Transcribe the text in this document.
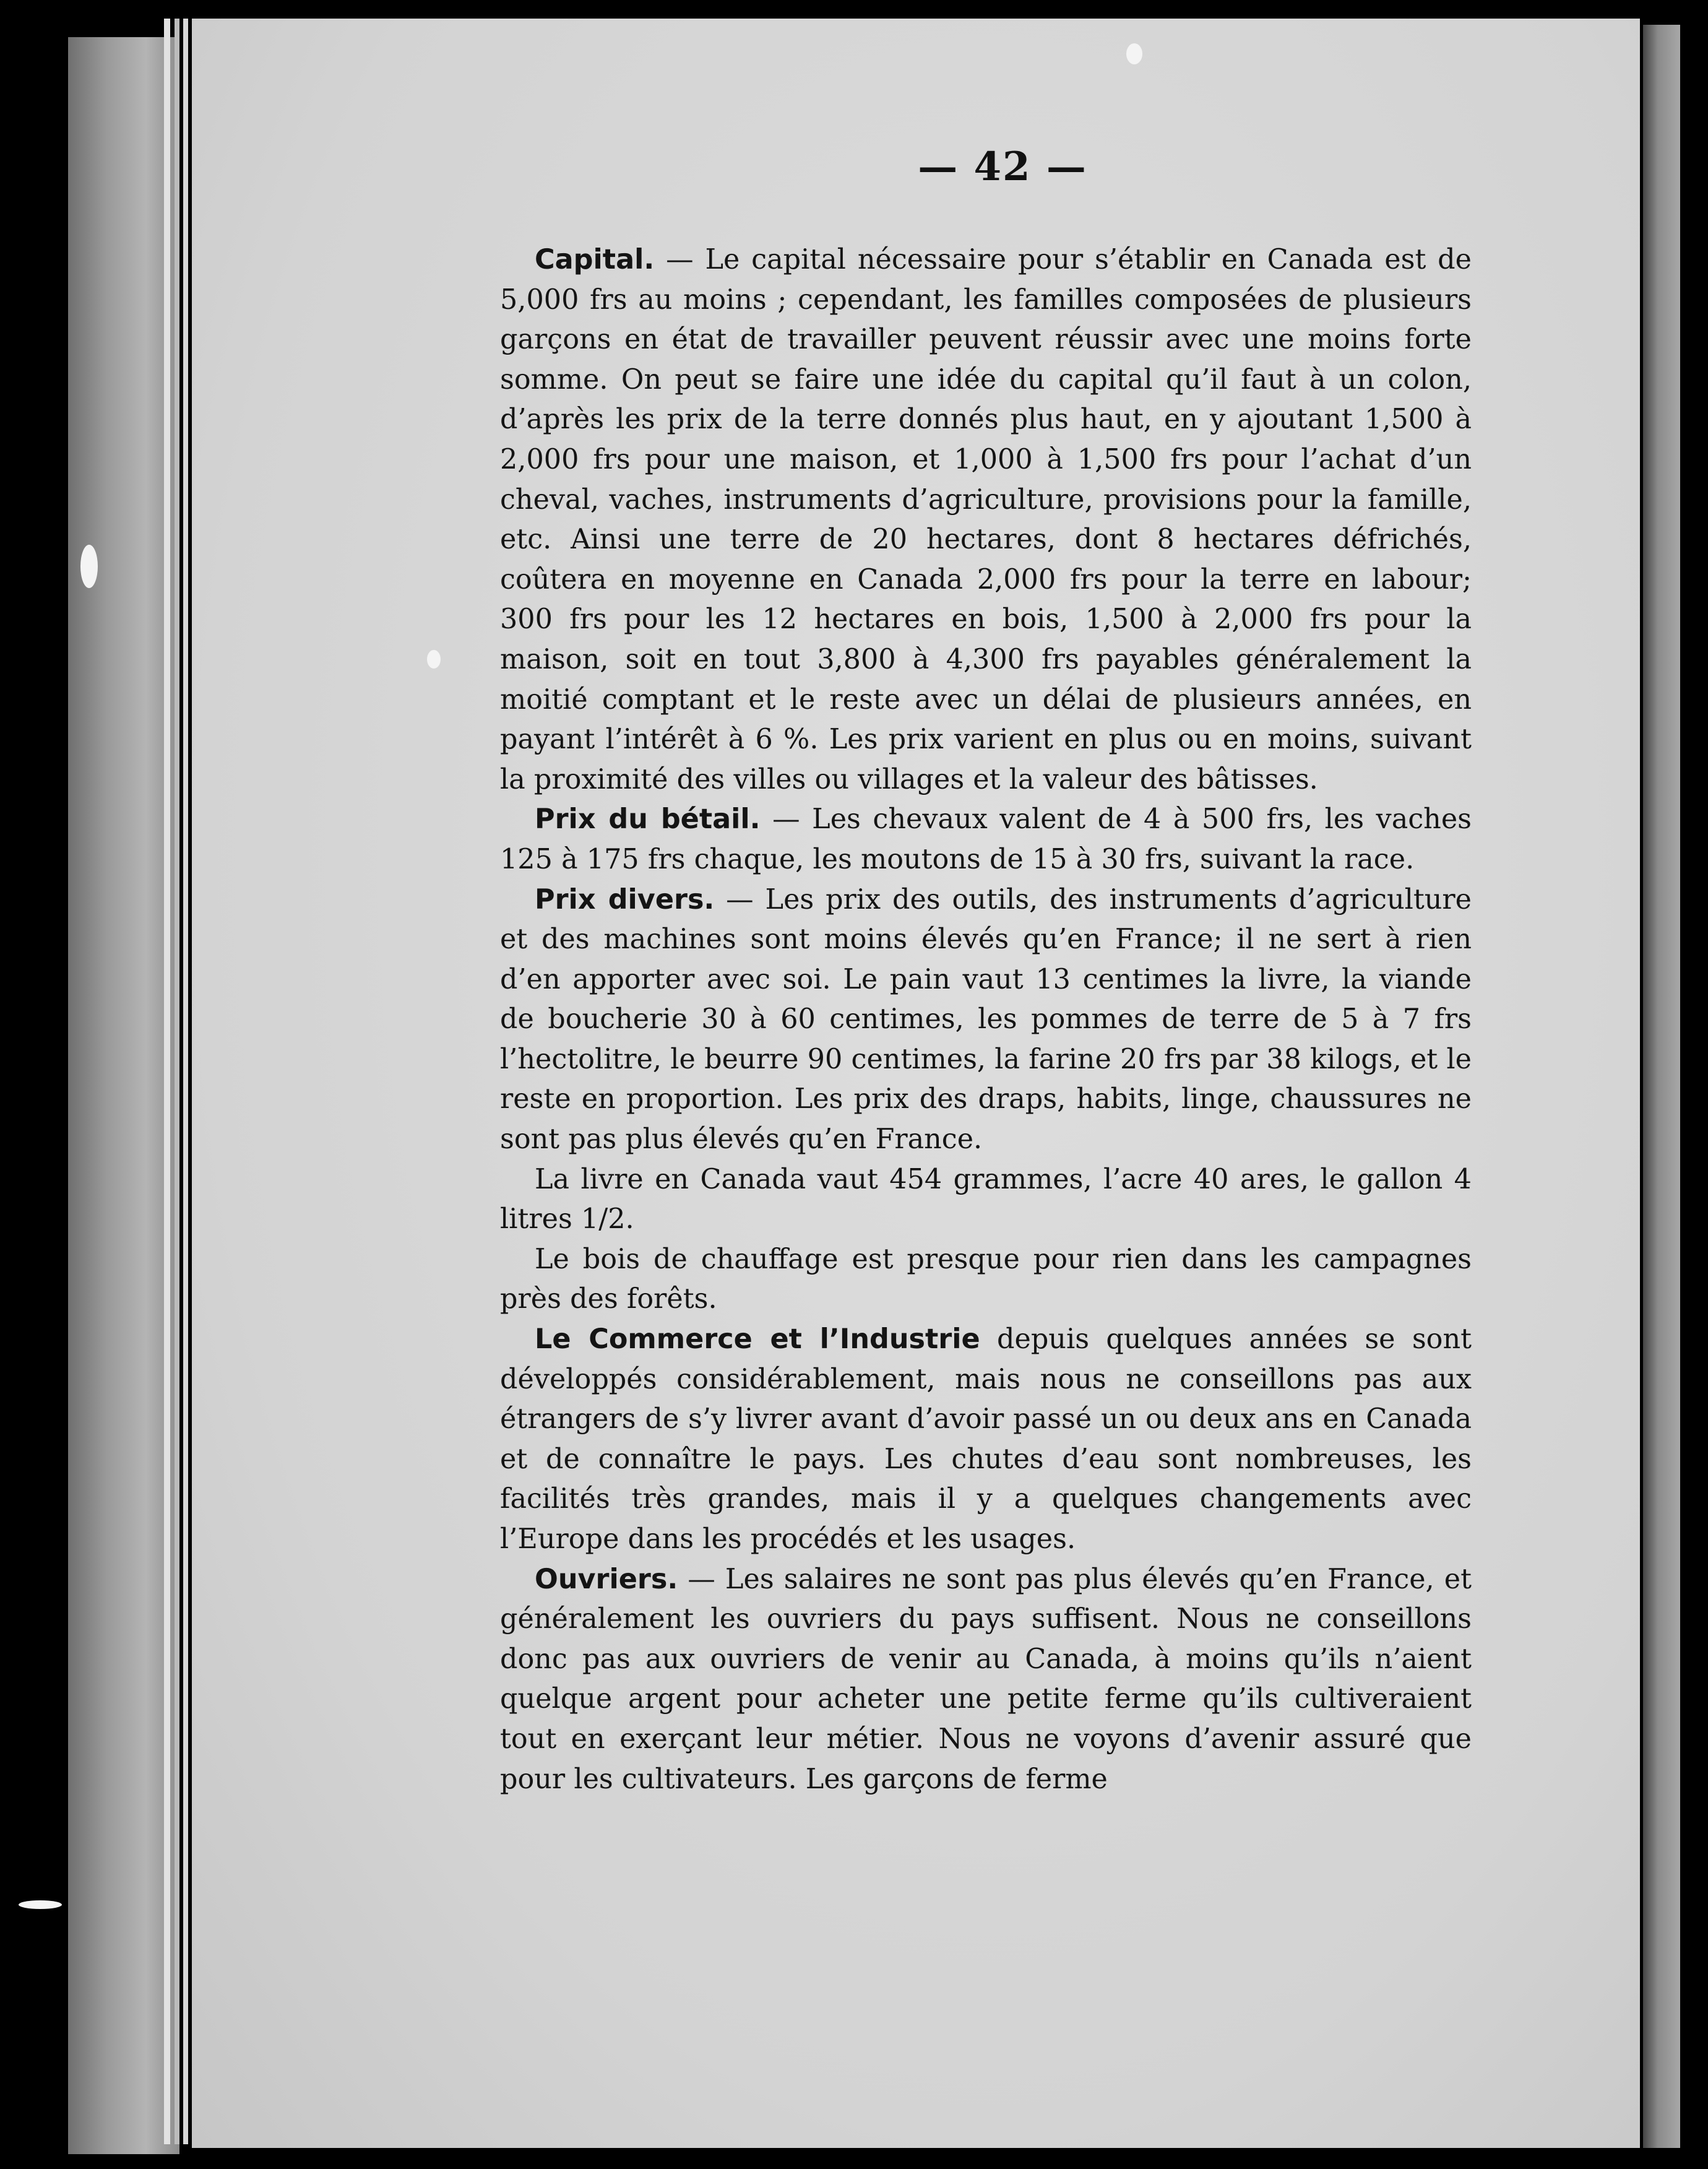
— 42 —

Capital. — Le capital nécessaire pour s’établir en Canada est de 5,000 frs au moins ; cependant, les familles composées de plusieurs garçons en état de travailler peuvent réussir avec une moins forte somme. On peut se faire une idée du capital qu’il faut à un colon, d’après les prix de la terre donnés plus haut, en y ajoutant 1,500 à 2,000 frs pour une maison, et 1,000 à 1,500 frs pour l’achat d’un cheval, vaches, instruments d’agriculture, provisions pour la famille, etc. Ainsi une terre de 20 hectares, dont 8 hectares défrichés, coûtera en moyenne en Canada 2,000 frs pour la terre en labour; 300 frs pour les 12 hectares en bois, 1,500 à 2,000 frs pour la maison, soit en tout 3,800 à 4,300 frs payables généralement la moitié comptant et le reste avec un délai de plusieurs années, en payant l’intérêt à 6 %. Les prix varient en plus ou en moins, suivant la proximité des villes ou villages et la valeur des bâtisses.

Prix du bétail. — Les chevaux valent de 4 à 500 frs, les vaches 125 à 175 frs chaque, les moutons de 15 à 30 frs, suivant la race.

Prix divers. — Les prix des outils, des instruments d’agriculture et des machines sont moins élevés qu’en France; il ne sert à rien d’en apporter avec soi. Le pain vaut 13 centimes la livre, la viande de boucherie 30 à 60 centimes, les pommes de terre de 5 à 7 frs l’hectolitre, le beurre 90 centimes, la farine 20 frs par 38 kilogs, et le reste en proportion. Les prix des draps, habits, linge, chaussures ne sont pas plus élevés qu’en France.

La livre en Canada vaut 454 grammes, l’acre 40 ares, le gallon 4 litres 1/2.

Le bois de chauffage est presque pour rien dans les campagnes près des forêts.

Le Commerce et l’Industrie depuis quelques années se sont développés considérablement, mais nous ne conseillons pas aux étrangers de s’y livrer avant d’avoir passé un ou deux ans en Canada et de connaître le pays. Les chutes d’eau sont nombreuses, les facilités très grandes, mais il y a quelques changements avec l’Europe dans les procédés et les usages.

Ouvriers. — Les salaires ne sont pas plus élevés qu’en France, et généralement les ouvriers du pays suffisent. Nous ne conseillons donc pas aux ouvriers de venir au Canada, à moins qu’ils n’aient quelque argent pour acheter une petite ferme qu’ils cultiveraient tout en exerçant leur métier. Nous ne voyons d’avenir assuré que pour les cultivateurs. Les garçons de ferme
